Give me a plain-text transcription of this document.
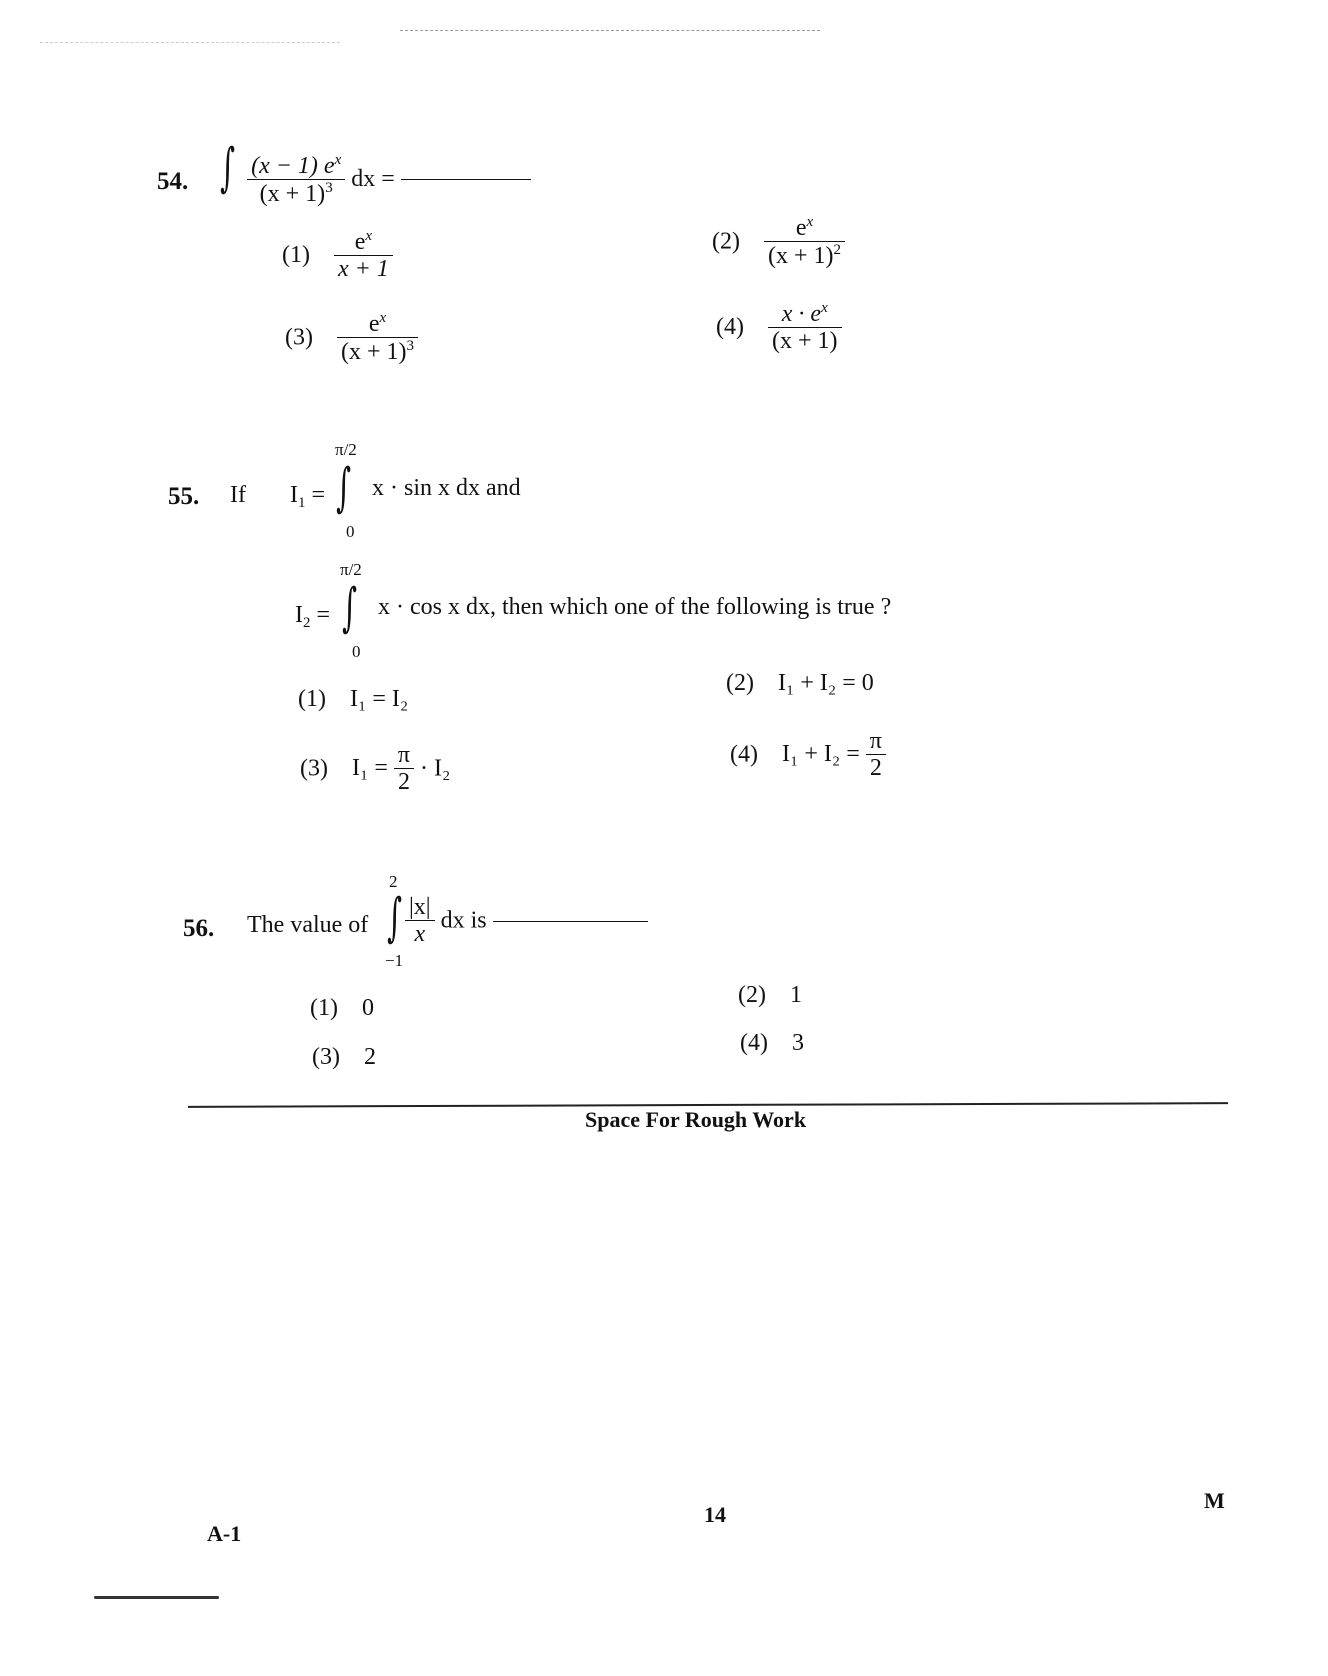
54. ∫ $\frac{(x - 1) e^x}{(x + 1)^3}$ dx =
$(1) \frac{e^x}{x + 1}$	$(2) \frac{e^x}{(x + 1)^2}$
$(3) \frac{e^x}{(x + 1)^3}$	$(4) \frac{x \cdot e^x}{(x + 1)}$
55. If $I_1$ =
π/2
∫
0
x · sin x dx and
$I_2$ =
π/2
∫
0
x · cos x dx, then which one of the following is true ?
(1) I₁ = I₂
(2) I₁ + I₂ = 0
(3) $I_1 = \frac{\pi}{2} \cdot I_2$
(4) $I_1 + I_2 = \frac{\pi}{2}$
56. The value of
2
∫
−1
$\frac{|x|}{x}$ dx is
(1) 0	(2) 1
(3) 2
(4) 3
Space For Rough Work
A-1
14
M
